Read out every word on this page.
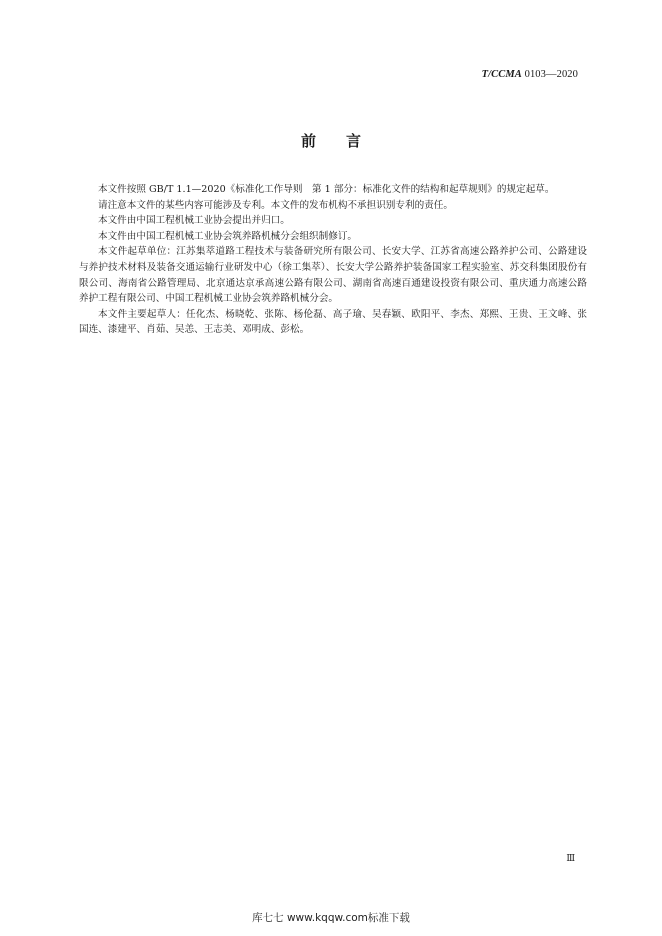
T/CCMA 0103—2020
前言

本文件按照 GB/T 1.1—2020《标准化工作导则　第 1 部分：标准化文件的结构和起草规则》的规定起草。

请注意本文件的某些内容可能涉及专利。本文件的发布机构不承担识别专利的责任。

本文件由中国工程机械工业协会提出并归口。

本文件由中国工程机械工业协会筑养路机械分会组织制修订。

本文件起草单位：江苏集萃道路工程技术与装备研究所有限公司、长安大学、江苏省高速公路养护公司、公路建设与养护技术材料及装备交通运输行业研发中心（徐工集萃）、长安大学公路养护装备国家工程实验室、苏交科集团股份有限公司、海南省公路管理局、北京通达京承高速公路有限公司、湖南省高速百通建设投资有限公司、重庆通力高速公路养护工程有限公司、中国工程机械工业协会筑养路机械分会。

本文件主要起草人：任化杰、杨晓乾、张陈、杨伦磊、高子瑜、吴春颖、欧阳平、李杰、郑熙、王贵、王文峰、张国连、漆建平、肖茹、吴恙、王志美、邓明成、彭松。

Ⅲ
库七七 www.kqqw.com标准下载
